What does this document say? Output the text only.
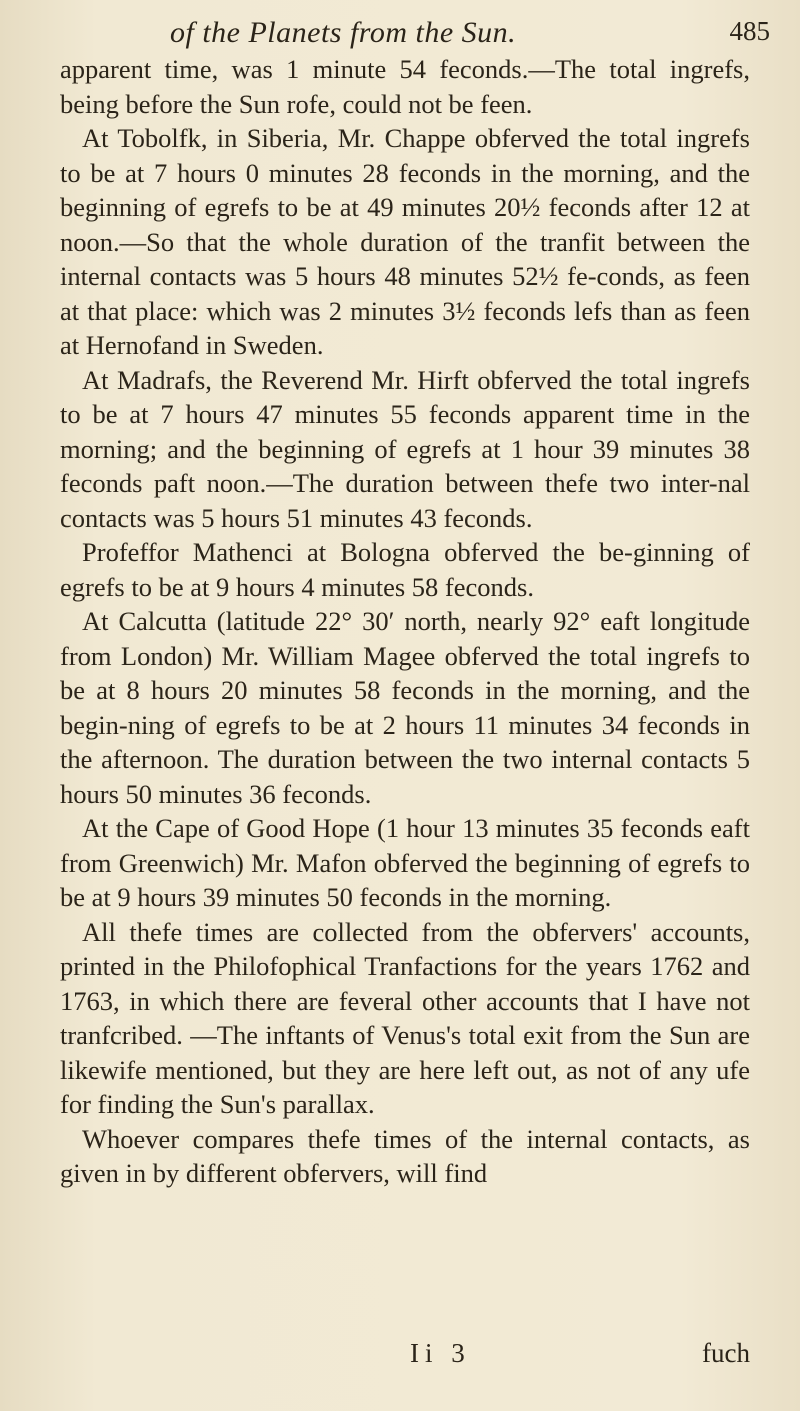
of the Planets from the Sun.	485

apparent time, was 1 minute 54 feconds.—The total ingrefs, being before the Sun rofe, could not be feen.

At Tobolfk, in Siberia, Mr. Chappe obferved the total ingrefs to be at 7 hours 0 minutes 28 feconds in the morning, and the beginning of egrefs to be at 49 minutes 20½ feconds after 12 at noon.—So that the whole duration of the tranfit between the internal contacts was 5 hours 48 minutes 52½ fe-conds, as feen at that place: which was 2 minutes 3½ feconds lefs than as feen at Hernofand in Sweden.

At Madrafs, the Reverend Mr. Hirft obferved the total ingrefs to be at 7 hours 47 minutes 55 feconds apparent time in the morning; and the beginning of egrefs at 1 hour 39 minutes 38 feconds paft noon.—The duration between thefe two inter-nal contacts was 5 hours 51 minutes 43 feconds.

Profeffor Mathenci at Bologna obferved the be-ginning of egrefs to be at 9 hours 4 minutes 58 feconds.

At Calcutta (latitude 22° 30′ north, nearly 92° eaft longitude from London) Mr. William Magee obferved the total ingrefs to be at 8 hours 20 minutes 58 feconds in the morning, and the begin-ning of egrefs to be at 2 hours 11 minutes 34 feconds in the afternoon. The duration between the two internal contacts 5 hours 50 minutes 36 feconds.

At the Cape of Good Hope (1 hour 13 minutes 35 feconds eaft from Greenwich) Mr. Mafon obferved the beginning of egrefs to be at 9 hours 39 minutes 50 feconds in the morning.

All thefe times are collected from the obfervers' accounts, printed in the Philofophical Tranfactions for the years 1762 and 1763, in which there are feveral other accounts that I have not tranfcribed. —The inftants of Venus's total exit from the Sun are likewife mentioned, but they are here left out, as not of any ufe for finding the Sun's parallax.

Whoever compares thefe times of the internal contacts, as given in by different obfervers, will find

Ii 3	fuch
